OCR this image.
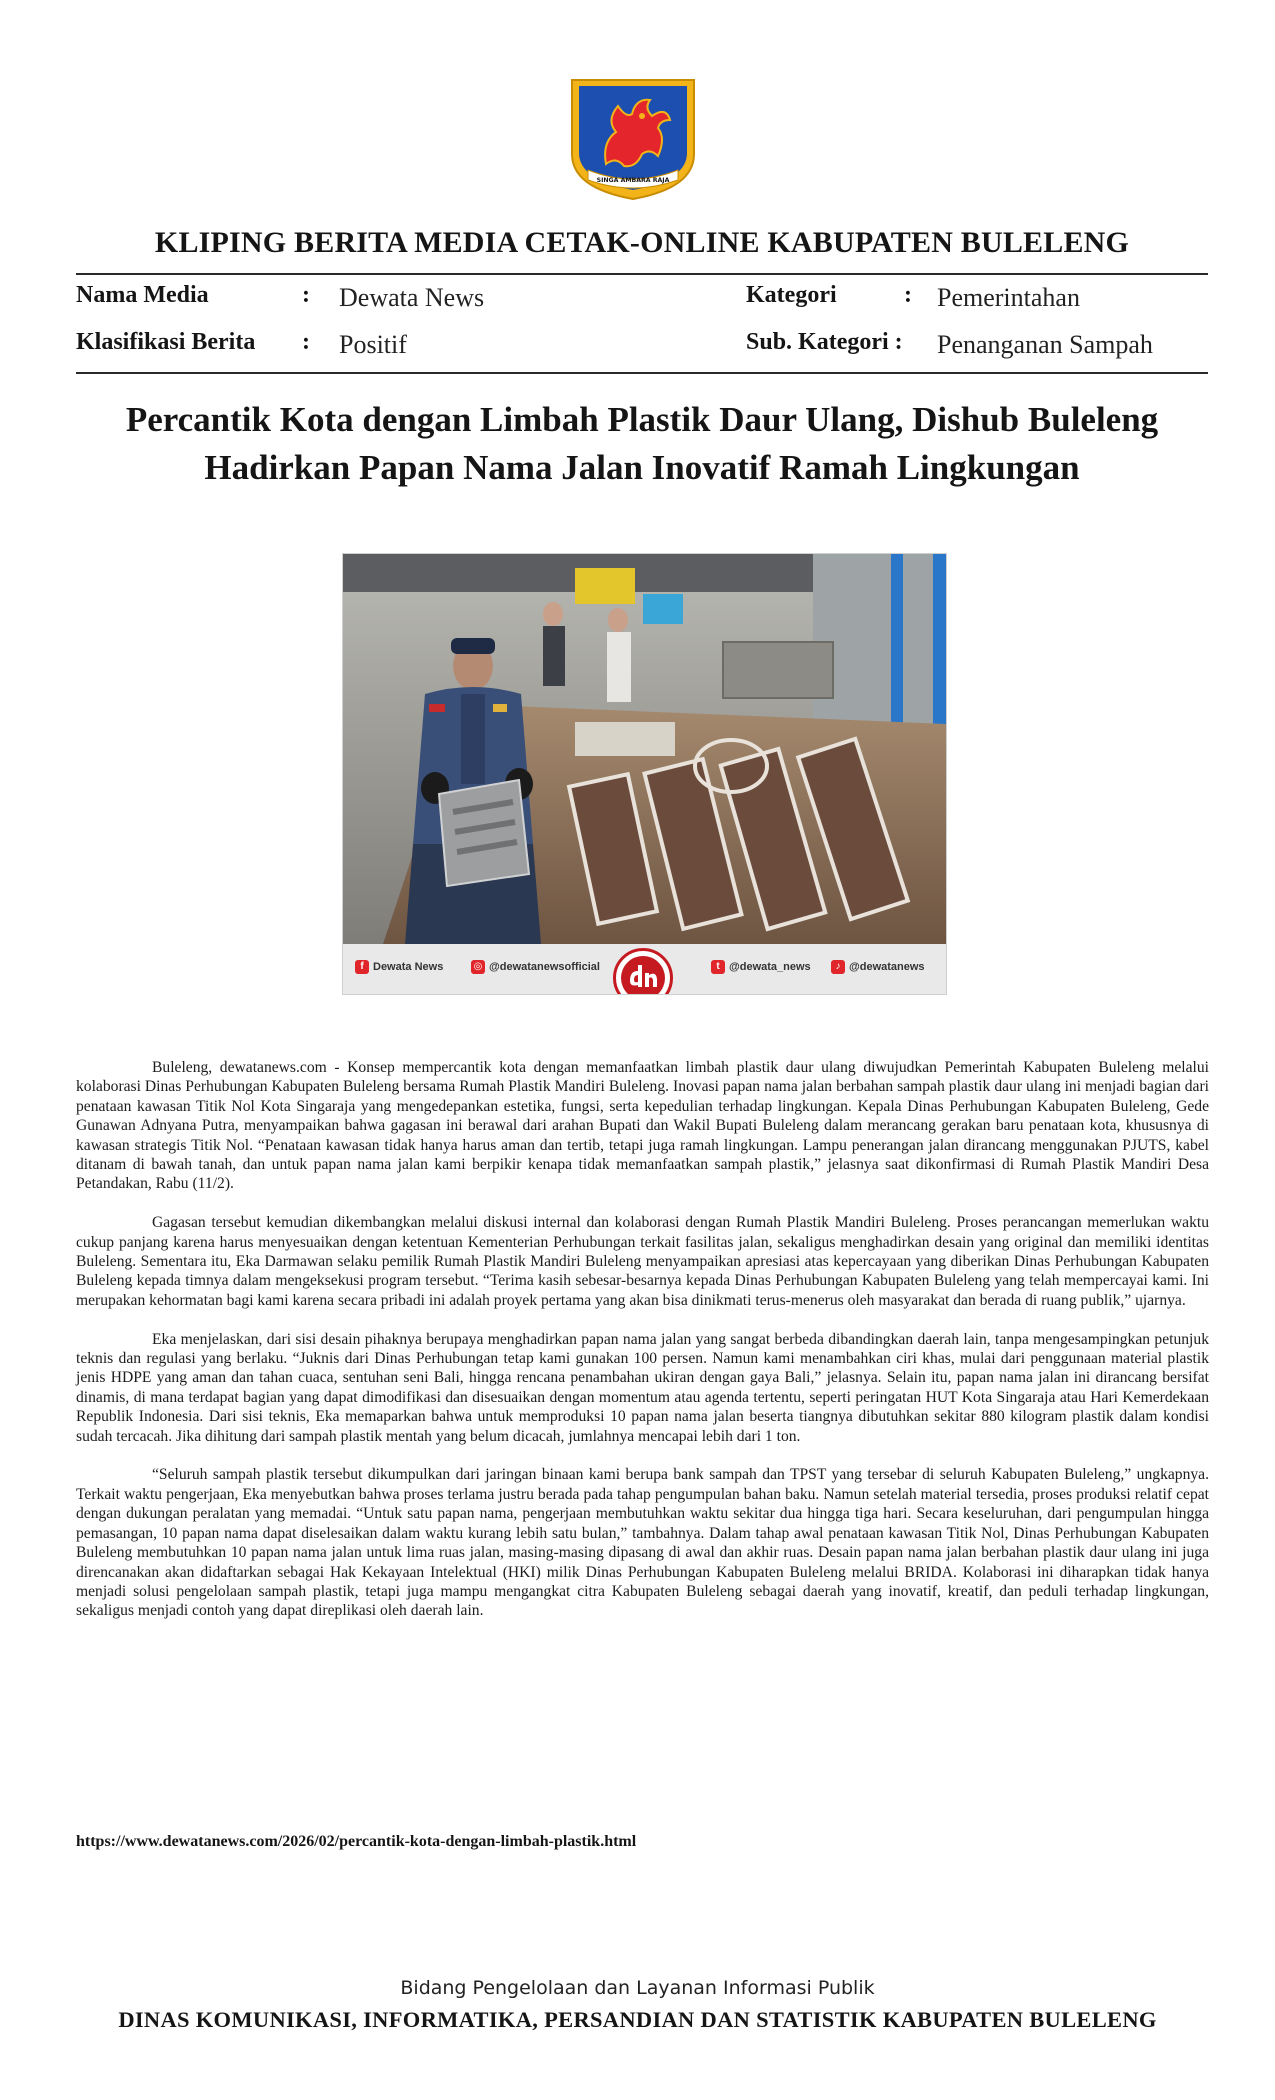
SINGA AMBARA RAJA
KLIPING BERITA MEDIA CETAK-ONLINE KABUPATEN BULELENG
Nama Media	: Dewata News	Kategori	: Pemerintahan
Klasifikasi Berita : Positif	Sub. Kategori : Penanganan Sampah
Percantik Kota dengan Limbah Plastik Daur Ulang, Dishub Buleleng
Hadirkan Papan Nama Jalan Inovatif Ramah Lingkungan
f Dewata News	◎ @dewatanewsofficial	t @dewata_news	♪ @dewatanews

Buleleng, dewatanews.com - Konsep mempercantik kota dengan memanfaatkan limbah plastik daur ulang diwujudkan Pemerintah Kabupaten Buleleng melalui kolaborasi Dinas Perhubungan Kabupaten Buleleng bersama Rumah Plastik Mandiri Buleleng. Inovasi papan nama jalan berbahan sampah plastik daur ulang ini menjadi bagian dari penataan kawasan Titik Nol Kota Singaraja yang mengedepankan estetika, fungsi, serta kepedulian terhadap lingkungan. Kepala Dinas Perhubungan Kabupaten Buleleng, Gede Gunawan Adnyana Putra, menyampaikan bahwa gagasan ini berawal dari arahan Bupati dan Wakil Bupati Buleleng dalam merancang gerakan baru penataan kota, khususnya di kawasan strategis Titik Nol. “Penataan kawasan tidak hanya harus aman dan tertib, tetapi juga ramah lingkungan. Lampu penerangan jalan dirancang menggunakan PJUTS, kabel ditanam di bawah tanah, dan untuk papan nama jalan kami berpikir kenapa tidak memanfaatkan sampah plastik,” jelasnya saat dikonfirmasi di Rumah Plastik Mandiri Desa Petandakan, Rabu (11/2).

Gagasan tersebut kemudian dikembangkan melalui diskusi internal dan kolaborasi dengan Rumah Plastik Mandiri Buleleng. Proses perancangan memerlukan waktu cukup panjang karena harus menyesuaikan dengan ketentuan Kementerian Perhubungan terkait fasilitas jalan, sekaligus menghadirkan desain yang original dan memiliki identitas Buleleng. Sementara itu, Eka Darmawan selaku pemilik Rumah Plastik Mandiri Buleleng menyampaikan apresiasi atas kepercayaan yang diberikan Dinas Perhubungan Kabupaten Buleleng kepada timnya dalam mengeksekusi program tersebut. “Terima kasih sebesar-besarnya kepada Dinas Perhubungan Kabupaten Buleleng yang telah mempercayai kami. Ini merupakan kehormatan bagi kami karena secara pribadi ini adalah proyek pertama yang akan bisa dinikmati terus-menerus oleh masyarakat dan berada di ruang publik,” ujarnya.

Eka menjelaskan, dari sisi desain pihaknya berupaya menghadirkan papan nama jalan yang sangat berbeda dibandingkan daerah lain, tanpa mengesampingkan petunjuk teknis dan regulasi yang berlaku. “Juknis dari Dinas Perhubungan tetap kami gunakan 100 persen. Namun kami menambahkan ciri khas, mulai dari penggunaan material plastik jenis HDPE yang aman dan tahan cuaca, sentuhan seni Bali, hingga rencana penambahan ukiran dengan gaya Bali,” jelasnya. Selain itu, papan nama jalan ini dirancang bersifat dinamis, di mana terdapat bagian yang dapat dimodifikasi dan disesuaikan dengan momentum atau agenda tertentu, seperti peringatan HUT Kota Singaraja atau Hari Kemerdekaan Republik Indonesia. Dari sisi teknis, Eka memaparkan bahwa untuk memproduksi 10 papan nama jalan beserta tiangnya dibutuhkan sekitar 880 kilogram plastik dalam kondisi sudah tercacah. Jika dihitung dari sampah plastik mentah yang belum dicacah, jumlahnya mencapai lebih dari 1 ton.

“Seluruh sampah plastik tersebut dikumpulkan dari jaringan binaan kami berupa bank sampah dan TPST yang tersebar di seluruh Kabupaten Buleleng,” ungkapnya. Terkait waktu pengerjaan, Eka menyebutkan bahwa proses terlama justru berada pada tahap pengumpulan bahan baku. Namun setelah material tersedia, proses produksi relatif cepat dengan dukungan peralatan yang memadai. “Untuk satu papan nama, pengerjaan membutuhkan waktu sekitar dua hingga tiga hari. Secara keseluruhan, dari pengumpulan hingga pemasangan, 10 papan nama dapat diselesaikan dalam waktu kurang lebih satu bulan,” tambahnya. Dalam tahap awal penataan kawasan Titik Nol, Dinas Perhubungan Kabupaten Buleleng membutuhkan 10 papan nama jalan untuk lima ruas jalan, masing-masing dipasang di awal dan akhir ruas. Desain papan nama jalan berbahan plastik daur ulang ini juga direncanakan akan didaftarkan sebagai Hak Kekayaan Intelektual (HKI) milik Dinas Perhubungan Kabupaten Buleleng melalui BRIDA. Kolaborasi ini diharapkan tidak hanya menjadi solusi pengelolaan sampah plastik, tetapi juga mampu mengangkat citra Kabupaten Buleleng sebagai daerah yang inovatif, kreatif, dan peduli terhadap lingkungan, sekaligus menjadi contoh yang dapat direplikasi oleh daerah lain.

https://www.dewatanews.com/2026/02/percantik-kota-dengan-limbah-plastik.html
Bidang Pengelolaan dan Layanan Informasi Publik
DINAS KOMUNIKASI, INFORMATIKA, PERSANDIAN DAN STATISTIK KABUPATEN BULELENG
